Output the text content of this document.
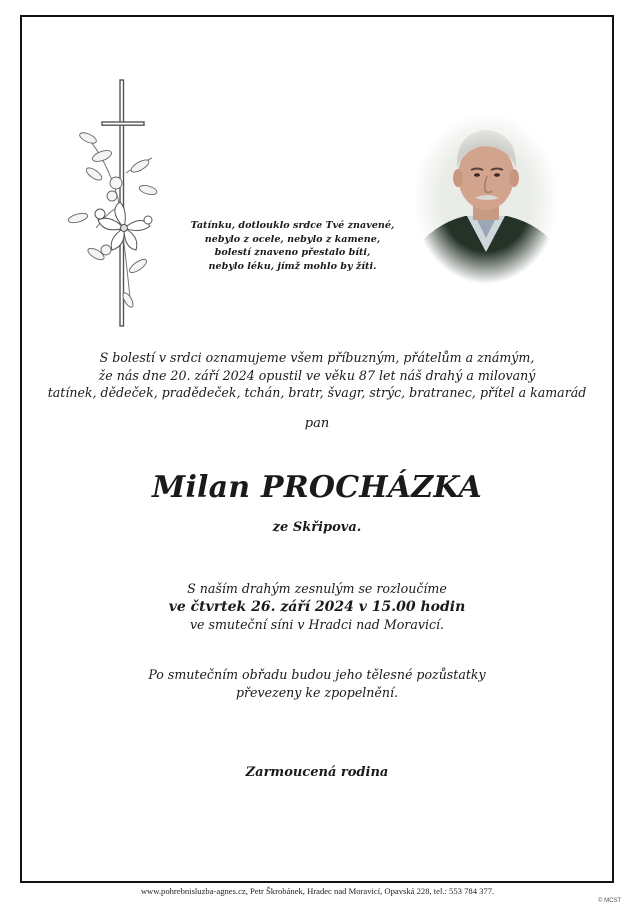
Tatínku, dotlouklo srdce Tvé znavené,
nebylo z ocele, nebylo z kamene,
bolestí znaveno přestalo bíti,
nebylo léku, jímž mohlo by žíti.
S bolestí v srdci oznamujeme všem příbuzným, přátelům a známým,
že nás dne 20. září 2024 opustil ve věku 87 let náš drahý a milovaný
tatínek, dědeček, pradědeček, tchán, bratr, švagr, strýc, bratranec, přítel a kamarád
pan
Milan PROCHÁZKA
ze Skřipova.
S naším drahým zesnulým se rozloučíme
ve čtvrtek 26. září 2024 v 15.00 hodin
ve smuteční síni v Hradci nad Moravicí.
Po smutečním obřadu budou jeho tělesné pozůstatky
převezeny ke zpopelnění.
Zarmoucená rodina
www.pohrebnisluzba-agnes.cz, Petr Škrobánek, Hradec nad Moravicí, Opavská 228, tel.: 553 784 377.
© MCST
